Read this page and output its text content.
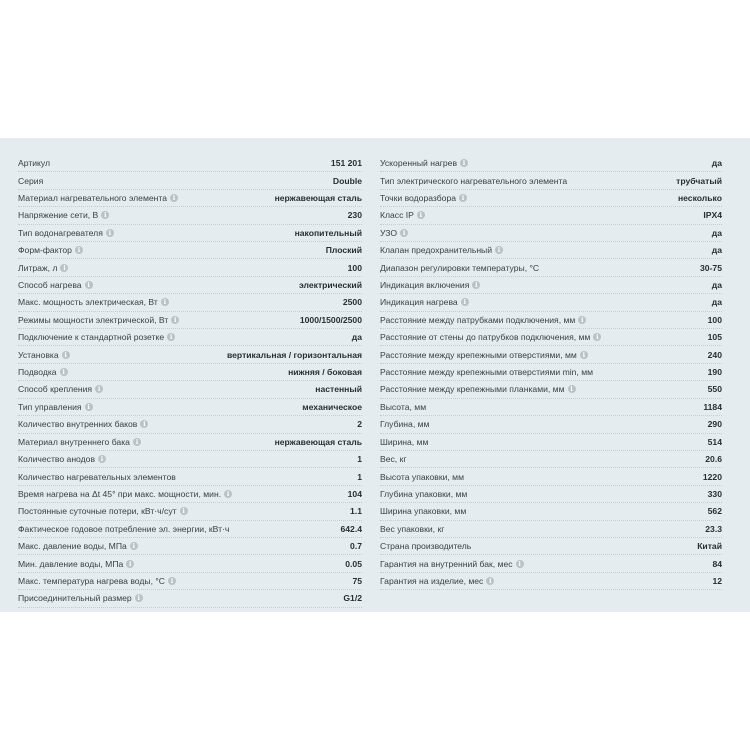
Артикул	151 201
Серия	Double
Материал нагревательного элемента i	нержавеющая сталь
Напряжение сети, В i	230
Тип водонагревателя i	накопительный
Форм-фактор i	Плоский
Литраж, л i	100
Способ нагрева i	электрический
Макс. мощность электрическая, Вт i	2500
Режимы мощности электрической, Вт i	1000/1500/2500
Подключение к стандартной розетке i	да
Установка i	вертикальная / горизонтальная
Подводка i	нижняя / боковая
Способ крепления i	настенный
Тип управления i	механическое
Количество внутренних баков i	2
Материал внутреннего бака i	нержавеющая сталь
Количество анодов i	1
Количество нагревательных элементов	1
Время нагрева на Δt 45° при макс. мощности, мин. i	104
Постоянные суточные потери, кВт·ч/сут i	1.1
Фактическое годовое потребление эл. энергии, кВт·ч	642.4
Макс. давление воды, МПа i	0.7
Мин. давление воды, МПа i	0.05
Макс. температура нагрева воды, °С i	75
Присоединительный размер i	G1/2
Ускоренный нагрев i	да
Тип электрического нагревательного элемента	трубчатый
Точки водоразбора i	несколько
Класс IP i	IPX4
УЗО i	да
Клапан предохранительный i	да
Диапазон регулировки температуры, °С	30-75
Индикация включения i	да
Индикация нагрева i	да
Расстояние между патрубками подключения, мм i	100
Расстояние от стены до патрубков подключения, мм i	105
Расстояние между крепежными отверстиями, мм i	240
Расстояние между крепежными отверстиями min, мм	190
Расстояние между крепежными планками, мм i	550
Высота, мм	1184
Глубина, мм	290
Ширина, мм	514
Вес, кг	20.6
Высота упаковки, мм	1220
Глубина упаковки, мм	330
Ширина упаковки, мм	562
Вес упаковки, кг	23.3
Страна производитель	Китай
Гарантия на внутренний бак, мес i	84
Гарантия на изделие, мес i	12
